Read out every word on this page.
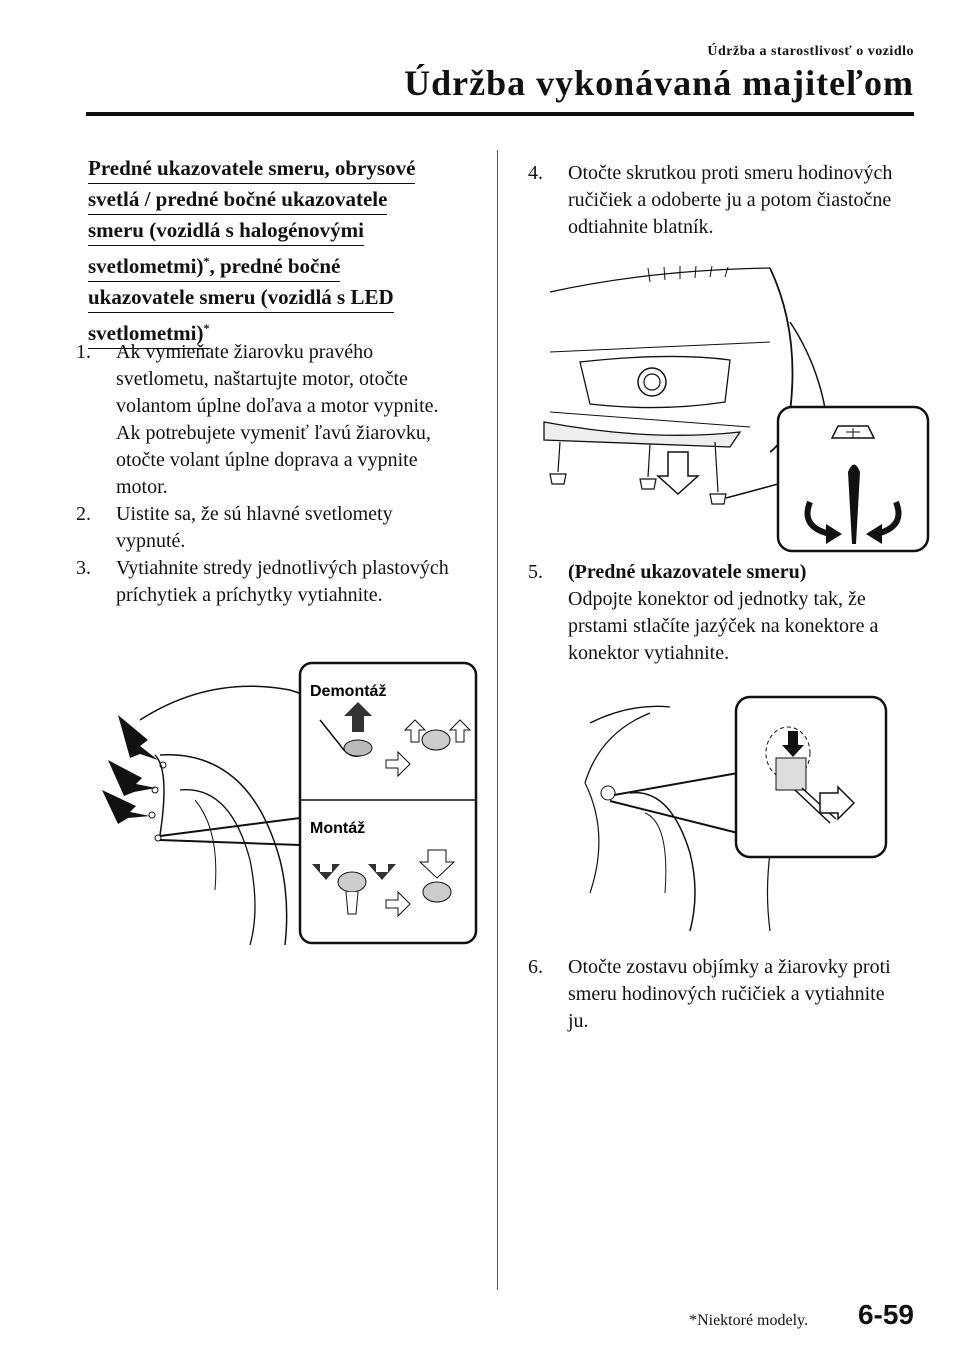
Údržba a starostlivosť o vozidlo
Údržba vykonávaná majiteľom
Predné ukazovatele smeru, obrysové
svetlá / predné bočné ukazovatele
smeru (vozidlá s halogénovými
svetlometmi)*, predné bočné
ukazovatele smeru (vozidlá s LED
svetlometmi)*
1.	Ak vymieňate žiarovku pravého svetlometu, naštartujte motor, otočte volantom úplne doľava a motor vypnite. Ak potrebujete vymeniť ľavú žiarovku, otočte volant úplne doprava a vypnite motor.
2.	Uistite sa, že sú hlavné svetlomety vypnuté.
3.	Vytiahnite stredy jednotlivých plastových príchytiek a príchytky vytiahnite.
Demontáž
Montáž
4.	Otočte skrutkou proti smeru hodinových ručičiek a odoberte ju a potom čiastočne odtiahnite blatník.
5.	(Predné ukazovatele smeru)
Odpojte konektor od jednotky tak, že prstami stlačíte jazýček na konektore a konektor vytiahnite.
6.	Otočte zostavu objímky a žiarovky proti smeru hodinových ručičiek a vytiahnite ju.
*Niektoré modely. 6-59
